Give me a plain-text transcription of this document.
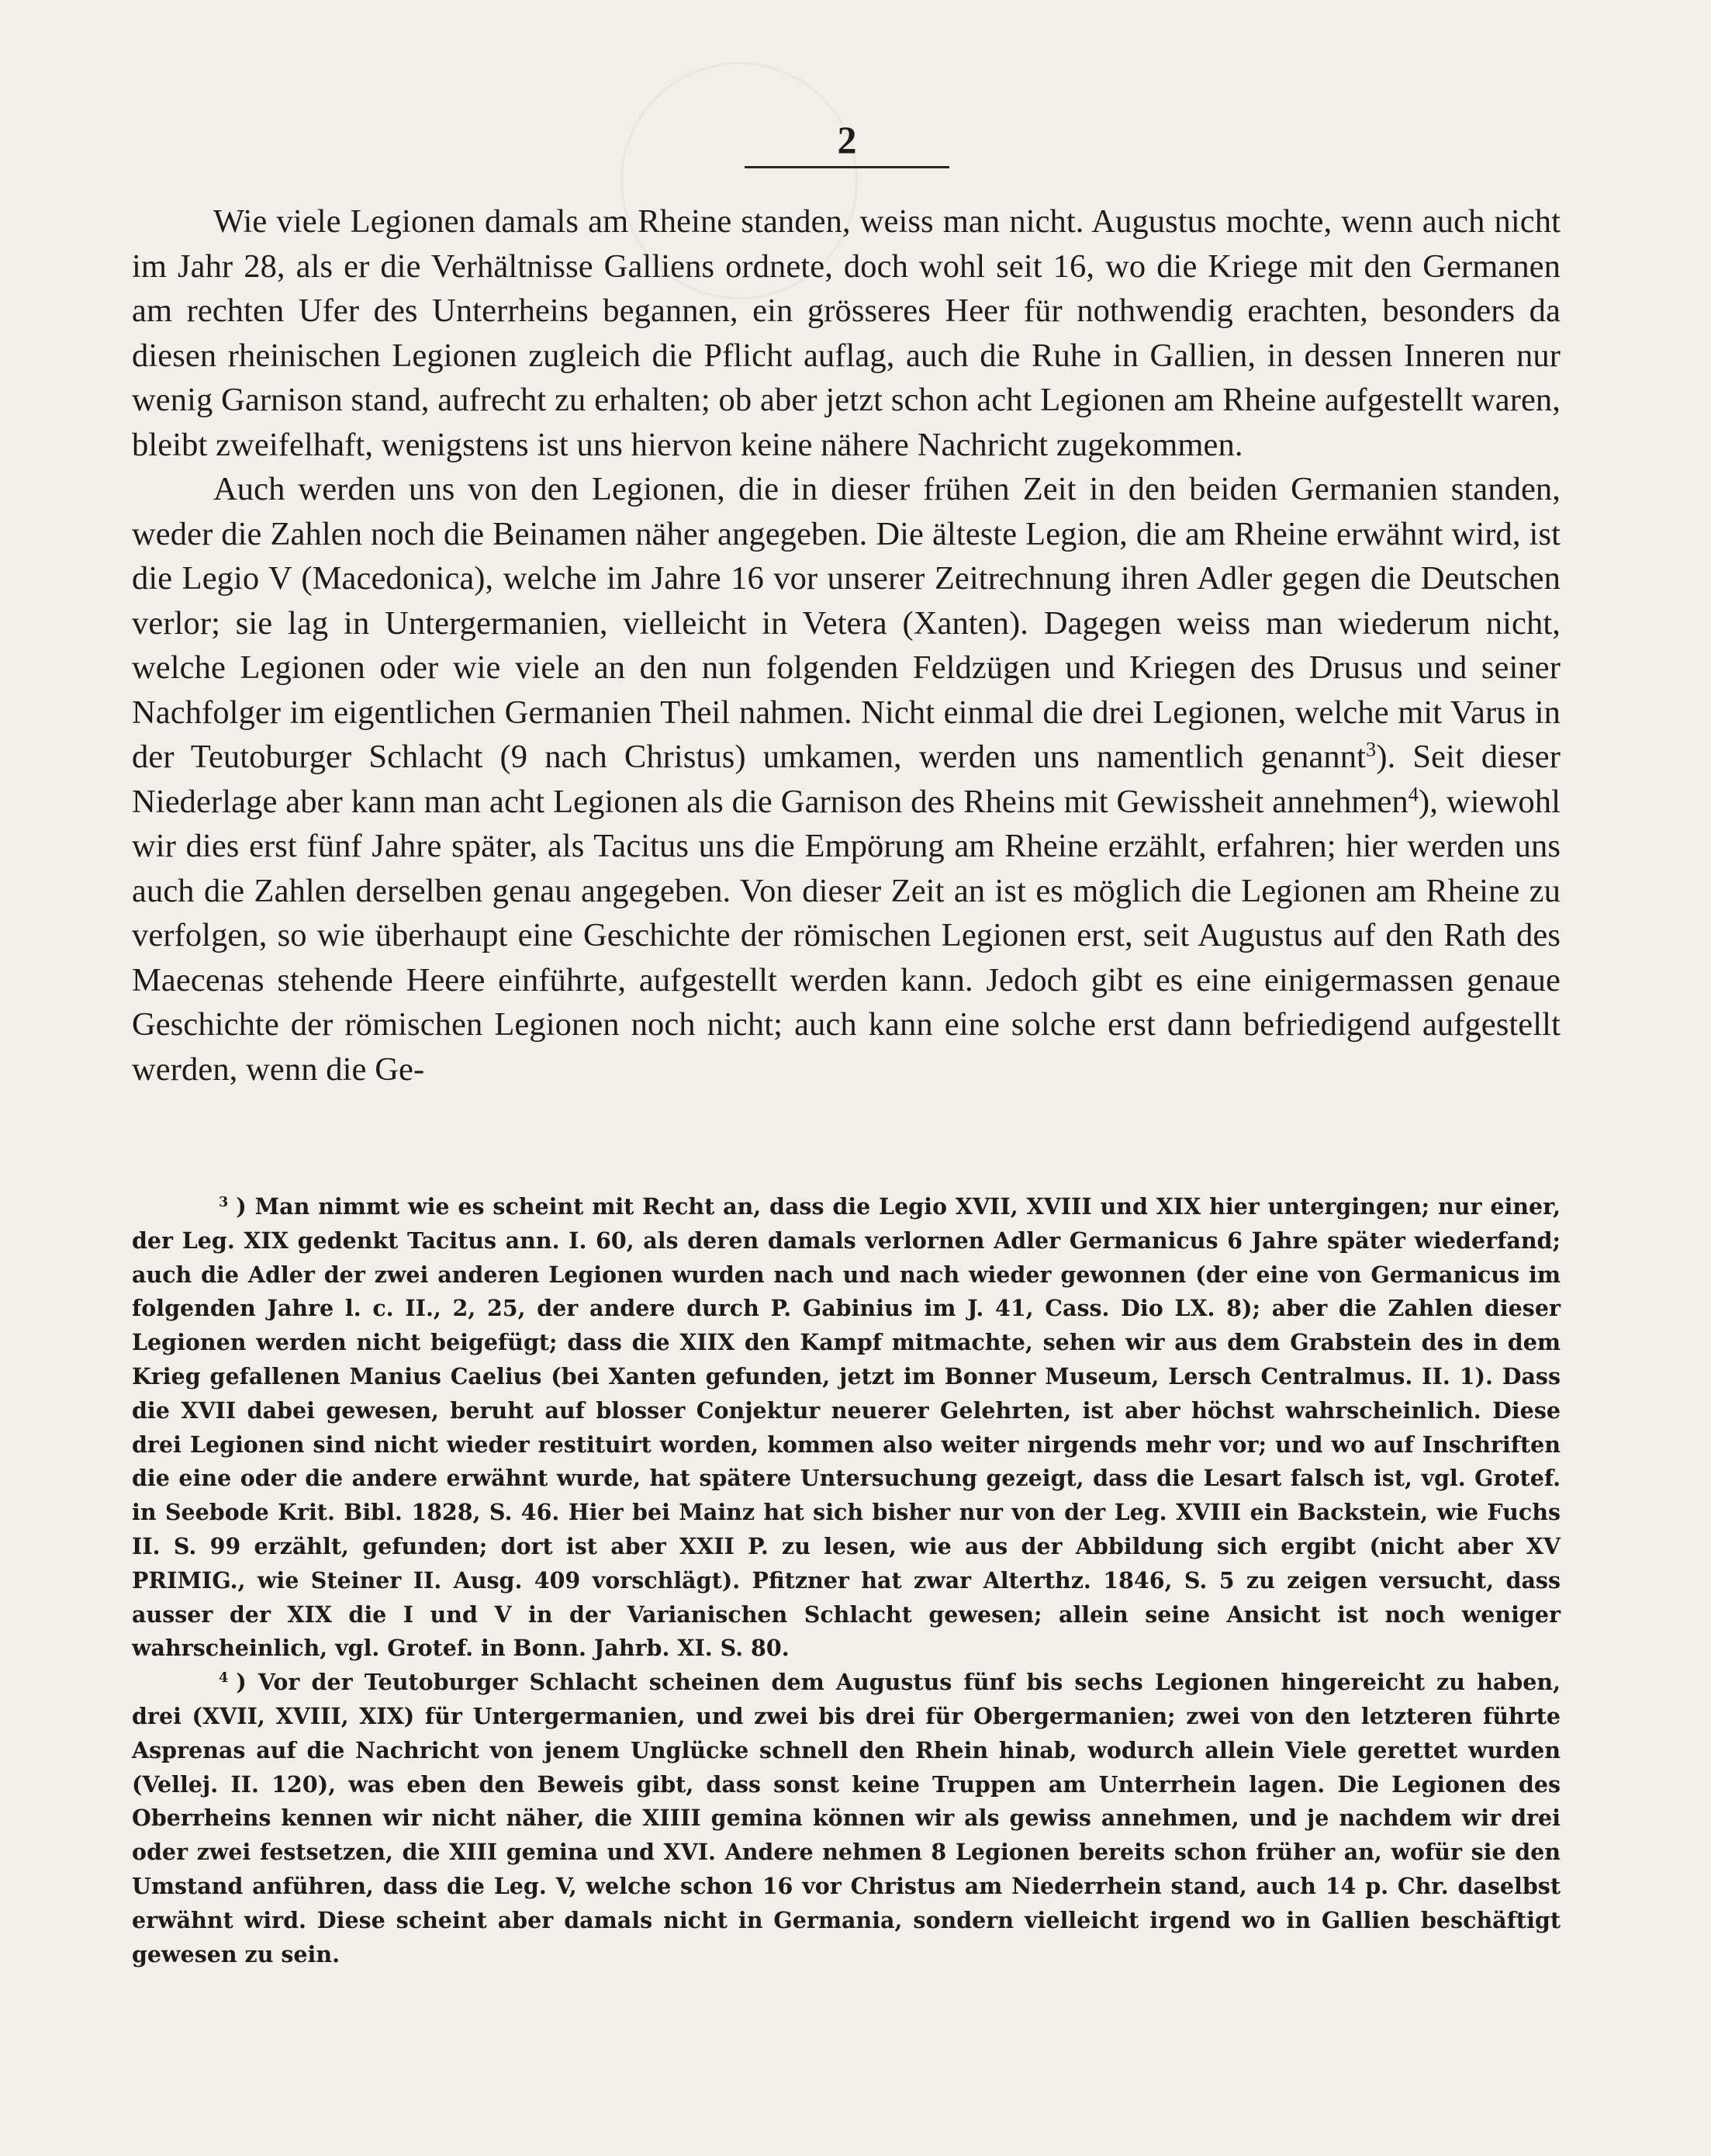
2

Wie viele Legionen damals am Rheine standen, weiss man nicht. Augustus mochte, wenn auch nicht im Jahr 28, als er die Verhältnisse Galliens ordnete, doch wohl seit 16, wo die Kriege mit den Germanen am rechten Ufer des Unterrheins begannen, ein grösseres Heer für nothwendig erachten, besonders da diesen rheinischen Legionen zugleich die Pflicht auflag, auch die Ruhe in Gallien, in dessen Inneren nur wenig Garnison stand, aufrecht zu erhalten; ob aber jetzt schon acht Legionen am Rheine aufgestellt waren, bleibt zweifelhaft, wenigstens ist uns hiervon keine nähere Nachricht zugekommen.

Auch werden uns von den Legionen, die in dieser frühen Zeit in den beiden Germanien standen, weder die Zahlen noch die Beinamen näher angegeben. Die älteste Legion, die am Rheine erwähnt wird, ist die Legio V (Macedonica), welche im Jahre 16 vor unserer Zeitrechnung ihren Adler gegen die Deutschen verlor; sie lag in Untergermanien, vielleicht in Vetera (Xanten). Dagegen weiss man wiederum nicht, welche Legionen oder wie viele an den nun folgenden Feldzügen und Kriegen des Drusus und seiner Nachfolger im eigentlichen Germanien Theil nahmen. Nicht einmal die drei Legionen, welche mit Varus in der Teutoburger Schlacht (9 nach Christus) umkamen, werden uns namentlich genannt$^3$). Seit dieser Niederlage aber kann man acht Legionen als die Garnison des Rheins mit Gewissheit annehmen$^4$), wiewohl wir dies erst fünf Jahre später, als Tacitus uns die Empörung am Rheine erzählt, erfahren; hier werden uns auch die Zahlen derselben genau angegeben. Von dieser Zeit an ist es möglich die Legionen am Rheine zu verfolgen, so wie überhaupt eine Geschichte der römischen Legionen erst, seit Augustus auf den Rath des Maecenas stehende Heere einführte, aufgestellt werden kann. Jedoch gibt es eine einigermassen genaue Geschichte der römischen Legionen noch nicht; auch kann eine solche erst dann befriedigend aufgestellt werden, wenn die Ge-

$^3$ ) Man nimmt wie es scheint mit Recht an, dass die Legio XVII, XVIII und XIX hier untergingen; nur einer, der Leg. XIX gedenkt Tacitus ann. I. 60, als deren damals verlornen Adler Germanicus 6 Jahre später wiederfand; auch die Adler der zwei anderen Legionen wurden nach und nach wieder gewonnen (der eine von Germanicus im folgenden Jahre l. c. II., 2, 25, der andere durch P. Gabinius im J. 41, Cass. Dio LX. 8); aber die Zahlen dieser Legionen werden nicht beigefügt; dass die XIIX den Kampf mitmachte, sehen wir aus dem Grabstein des in dem Krieg gefallenen Manius Caelius (bei Xanten gefunden, jetzt im Bonner Museum, Lersch Centralmus. II. 1). Dass die XVII dabei gewesen, beruht auf blosser Conjektur neuerer Gelehrten, ist aber höchst wahrscheinlich. Diese drei Legionen sind nicht wieder restituirt worden, kommen also weiter nirgends mehr vor; und wo auf Inschriften die eine oder die andere erwähnt wurde, hat spätere Untersuchung gezeigt, dass die Lesart falsch ist, vgl. Grotef. in Seebode Krit. Bibl. 1828, S. 46. Hier bei Mainz hat sich bisher nur von der Leg. XVIII ein Backstein, wie Fuchs II. S. 99 erzählt, gefunden; dort ist aber XXII P. zu lesen, wie aus der Abbildung sich ergibt (nicht aber XV PRIMIG., wie Steiner II. Ausg. 409 vorschlägt). Pfitzner hat zwar Alterthz. 1846, S. 5 zu zeigen versucht, dass ausser der XIX die I und V in der Varianischen Schlacht gewesen; allein seine Ansicht ist noch weniger wahrscheinlich, vgl. Grotef. in Bonn. Jahrb. XI. S. 80.

$^4$ ) Vor der Teutoburger Schlacht scheinen dem Augustus fünf bis sechs Legionen hingereicht zu haben, drei (XVII, XVIII, XIX) für Untergermanien, und zwei bis drei für Obergermanien; zwei von den letzteren führte Asprenas auf die Nachricht von jenem Unglücke schnell den Rhein hinab, wodurch allein Viele gerettet wurden (Vellej. II. 120), was eben den Beweis gibt, dass sonst keine Truppen am Unterrhein lagen. Die Legionen des Oberrheins kennen wir nicht näher, die XIIII gemina können wir als gewiss annehmen, und je nachdem wir drei oder zwei festsetzen, die XIII gemina und XVI. Andere nehmen 8 Legionen bereits schon früher an, wofür sie den Umstand anführen, dass die Leg. V, welche schon 16 vor Christus am Niederrhein stand, auch 14 p. Chr. daselbst erwähnt wird. Diese scheint aber damals nicht in Germania, sondern vielleicht irgend wo in Gallien beschäftigt gewesen zu sein.
